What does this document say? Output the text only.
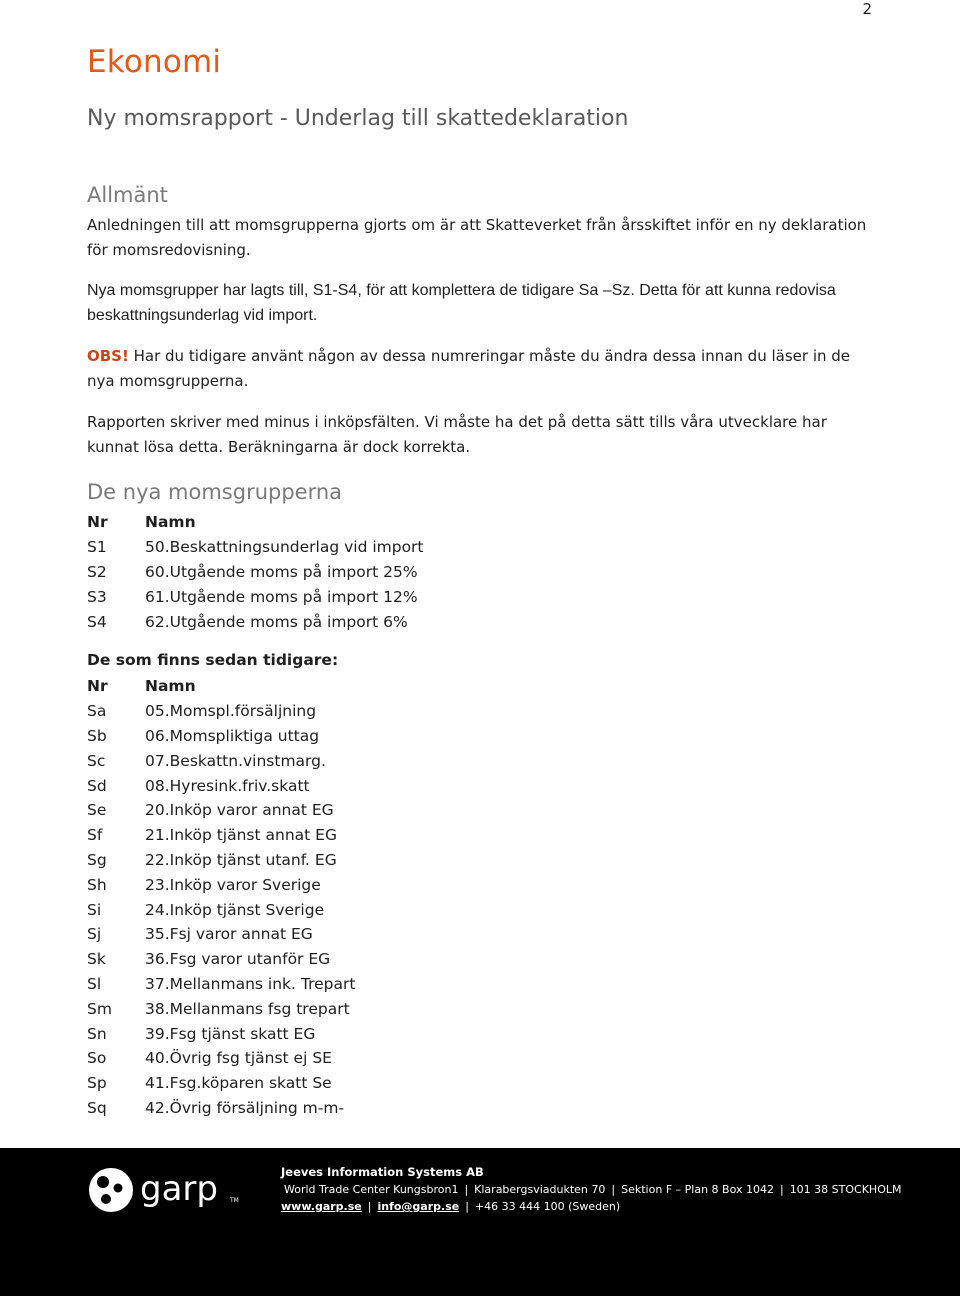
2
Ekonomi
Ny momsrapport - Underlag till skattedeklaration
Allmänt

Anledningen till att momsgrupperna gjorts om är att Skatteverket från årsskiftet inför en ny deklaration för momsredovisning.

Nya momsgrupper har lagts till, S1-S4, för att komplettera de tidigare Sa –Sz. Detta för att kunna redovisa beskattningsunderlag vid import.

OBS! Har du tidigare använt någon av dessa numreringar måste du ändra dessa innan du läser in de nya momsgrupperna.

Rapporten skriver med minus i inköpsfälten. Vi måste ha det på detta sätt tills våra utvecklare har kunnat lösa detta. Beräkningarna är dock korrekta.

De nya momsgrupperna
Nr	Namn
S1	50.Beskattningsunderlag vid import
S2	60.Utgående moms på import 25%
S3	61.Utgående moms på import 12%
S4	62.Utgående moms på import 6%
De som finns sedan tidigare:
Nr	Namn
Sa	05.Momspl.försäljning
Sb	06.Momspliktiga uttag
Sc	07.Beskattn.vinstmarg.
Sd	08.Hyresink.friv.skatt
Se	20.Inköp varor annat EG
Sf	21.Inköp tjänst annat EG
Sg	22.Inköp tjänst utanf. EG
Sh	23.Inköp varor Sverige
Si	24.Inköp tjänst Sverige
Sj	35.Fsj varor annat EG
Sk	36.Fsg varor utanför EG
Sl	37.Mellanmans ink. Trepart
Sm	38.Mellanmans fsg trepart
Sn	39.Fsg tjänst skatt EG
So	40.Övrig fsg tjänst ej SE
Sp	41.Fsg.köparen skatt Se
Sq	42.Övrig försäljning m-m-
garp TM
Jeeves Information Systems AB
World Trade Center Kungsbron1 | Klarabergsviadukten 70 | Sektion F – Plan 8 Box 1042 | 101 38 STOCKHOLM
www.garp.se | info@garp.se | +46 33 444 100 (Sweden)
